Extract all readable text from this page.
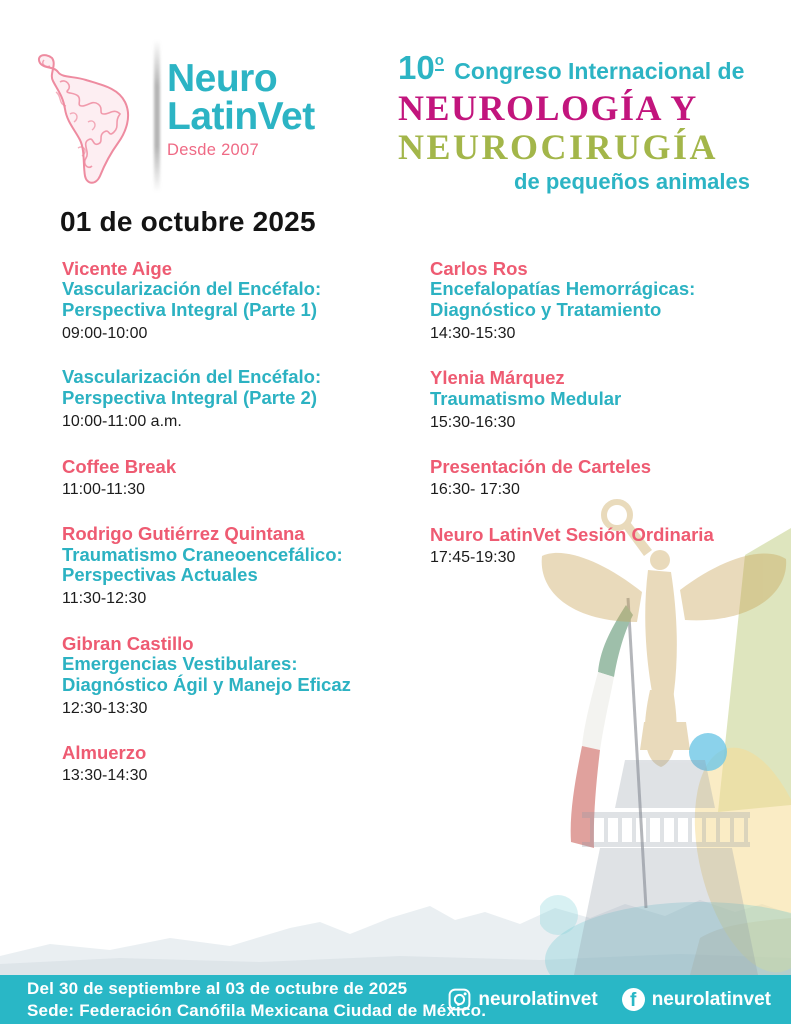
Neuro
LatinVet
Desde 2007
10$^o$ Congreso Internacional de
NEUROLOGÍA Y
NEUROCIRUGÍA
de pequeños animales
01 de octubre 2025
Vicente Aige
Vascularización del Encéfalo: Perspectiva Integral (Parte 1)
09:00-10:00
Vascularización del Encéfalo: Perspectiva Integral (Parte 2)
10:00-11:00 a.m.
Coffee Break
11:00-11:30
Rodrigo Gutiérrez Quintana
Traumatismo Craneoencefálico: Perspectivas Actuales
11:30-12:30
Gibran Castillo
Emergencias Vestibulares: Diagnóstico Ágil y Manejo Eficaz
12:30-13:30
Almuerzo
13:30-14:30
Carlos Ros
Encefalopatías Hemorrágicas: Diagnóstico y Tratamiento
14:30-15:30
Ylenia Márquez
Traumatismo Medular
15:30-16:30
Presentación de Carteles
16:30- 17:30
Neuro LatinVet Sesión Ordinaria
17:45-19:30
Del 30 de septiembre al 03 de octubre de 2025
Sede: Federación Canófila Mexicana Ciudad de México.
neurolatinvet	f neurolatinvet
